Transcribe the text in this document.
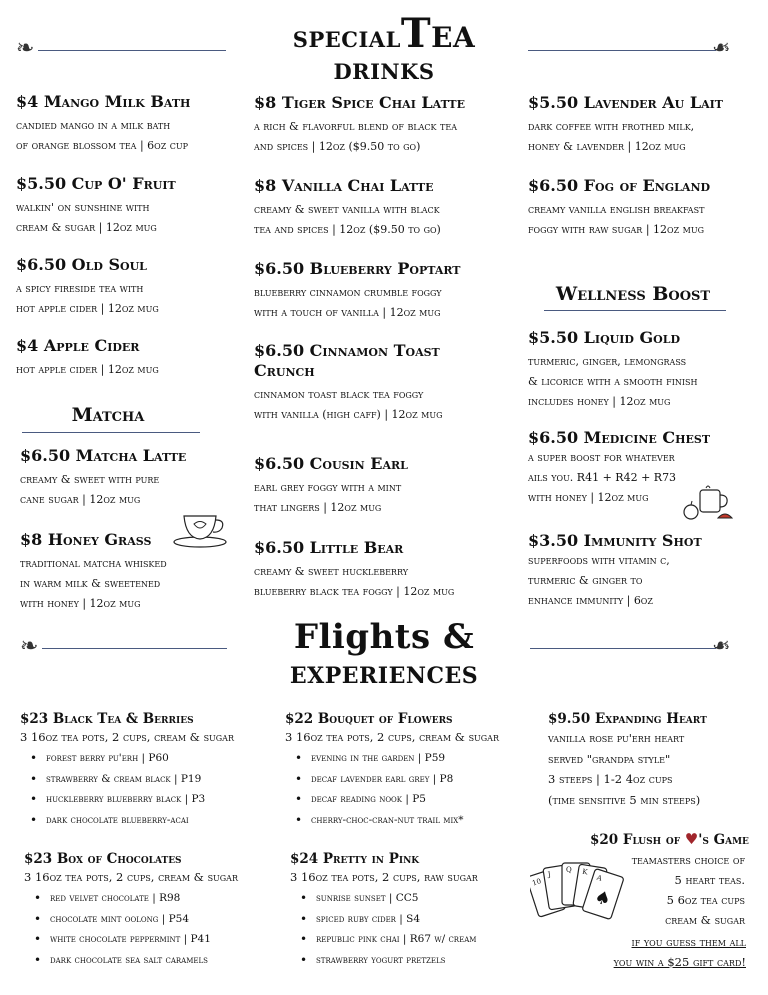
specialTea
drinks
❧	❧
$4 Mango Milk Bath
candied mango in a milk bath
of orange blossom tea | 6oz cup
$5.50 Cup O' Fruit
walkin' on sunshine with
cream & sugar | 12oz mug
$6.50 Old Soul
a spicy fireside tea with
hot apple cider | 12oz mug
$4 Apple Cider
hot apple cider | 12oz mug
Matcha
$6.50 Matcha Latte
creamy & sweet with pure
cane sugar | 12oz mug
$8 Honey Grass
traditional matcha whisked
in warm milk & sweetened
with honey | 12oz mug
$8 Tiger Spice Chai Latte
a rich & flavorful blend of black tea
and spices | 12oz ($9.50 to go)
$8 Vanilla Chai Latte
creamy & sweet vanilla with black
tea and spices | 12oz ($9.50 to go)
$6.50 Blueberry Poptart
blueberry cinnamon crumble foggy
with a touch of vanilla | 12oz mug
$6.50 Cinnamon Toast
Crunch
cinnamon toast black tea foggy
with vanilla (high caff) | 12oz mug
$6.50 Cousin Earl
earl grey foggy with a mint
that lingers | 12oz mug
$6.50 Little Bear
creamy & sweet huckleberry
blueberry black tea foggy | 12oz mug
$5.50 Lavender Au Lait
dark coffee with frothed milk,
honey & lavender | 12oz mug
$6.50 Fog of England
creamy vanilla english breakfast
foggy with raw sugar | 12oz mug
Wellness Boost
$5.50 Liquid Gold
turmeric, ginger, lemongrass
& licorice with a smooth finish
includes honey | 12oz mug
$6.50 Medicine Chest
a super boost for whatever
ails you. R41 + R42 + R73
with honey | 12oz mug
$3.50 Immunity Shot
superfoods with vitamin c,
turmeric & ginger to
enhance immunity | 6oz
❧	Flights &
experiences
❧
$23 Black Tea & Berries
3 16oz tea pots, 2 cups, cream & sugar
• forest berry pu'erh | P60
• strawberry & cream black | P19
• huckleberry blueberry black | P3
• dark chocolate blueberry-acai
$22 Bouquet of Flowers
3 16oz tea pots, 2 cups, cream & sugar
• evening in the garden | P59
• decaf lavender earl grey | P8
• decaf reading nook | P5
• cherry-choc-cran-nut trail mix*
$23 Box of Chocolates
3 16oz tea pots, 2 cups, cream & sugar
• red velvet chocolate | R98
• chocolate mint oolong | P54
• white chocolate peppermint | P41
• dark chocolate sea salt caramels
$24 Pretty in Pink
3 16oz tea pots, 2 cups, raw sugar
• sunrise sunset | CC5
• spiced ruby cider | S4
• republic pink chai | R67 w/ cream
• strawberry yogurt pretzels
$9.50 Expanding Heart
vanilla rose pu'erh heart
served "grandpa style"
3 steeps | 1-2 4oz cups
(time sensitive 5 min steeps)
$20 Flush of ♥'s Game
teamasters choice of
5 heart teas.
5 6oz tea cups
cream & sugar
if you guess them all
you win a $25 gift card!
10
J
Q K
A
♠
